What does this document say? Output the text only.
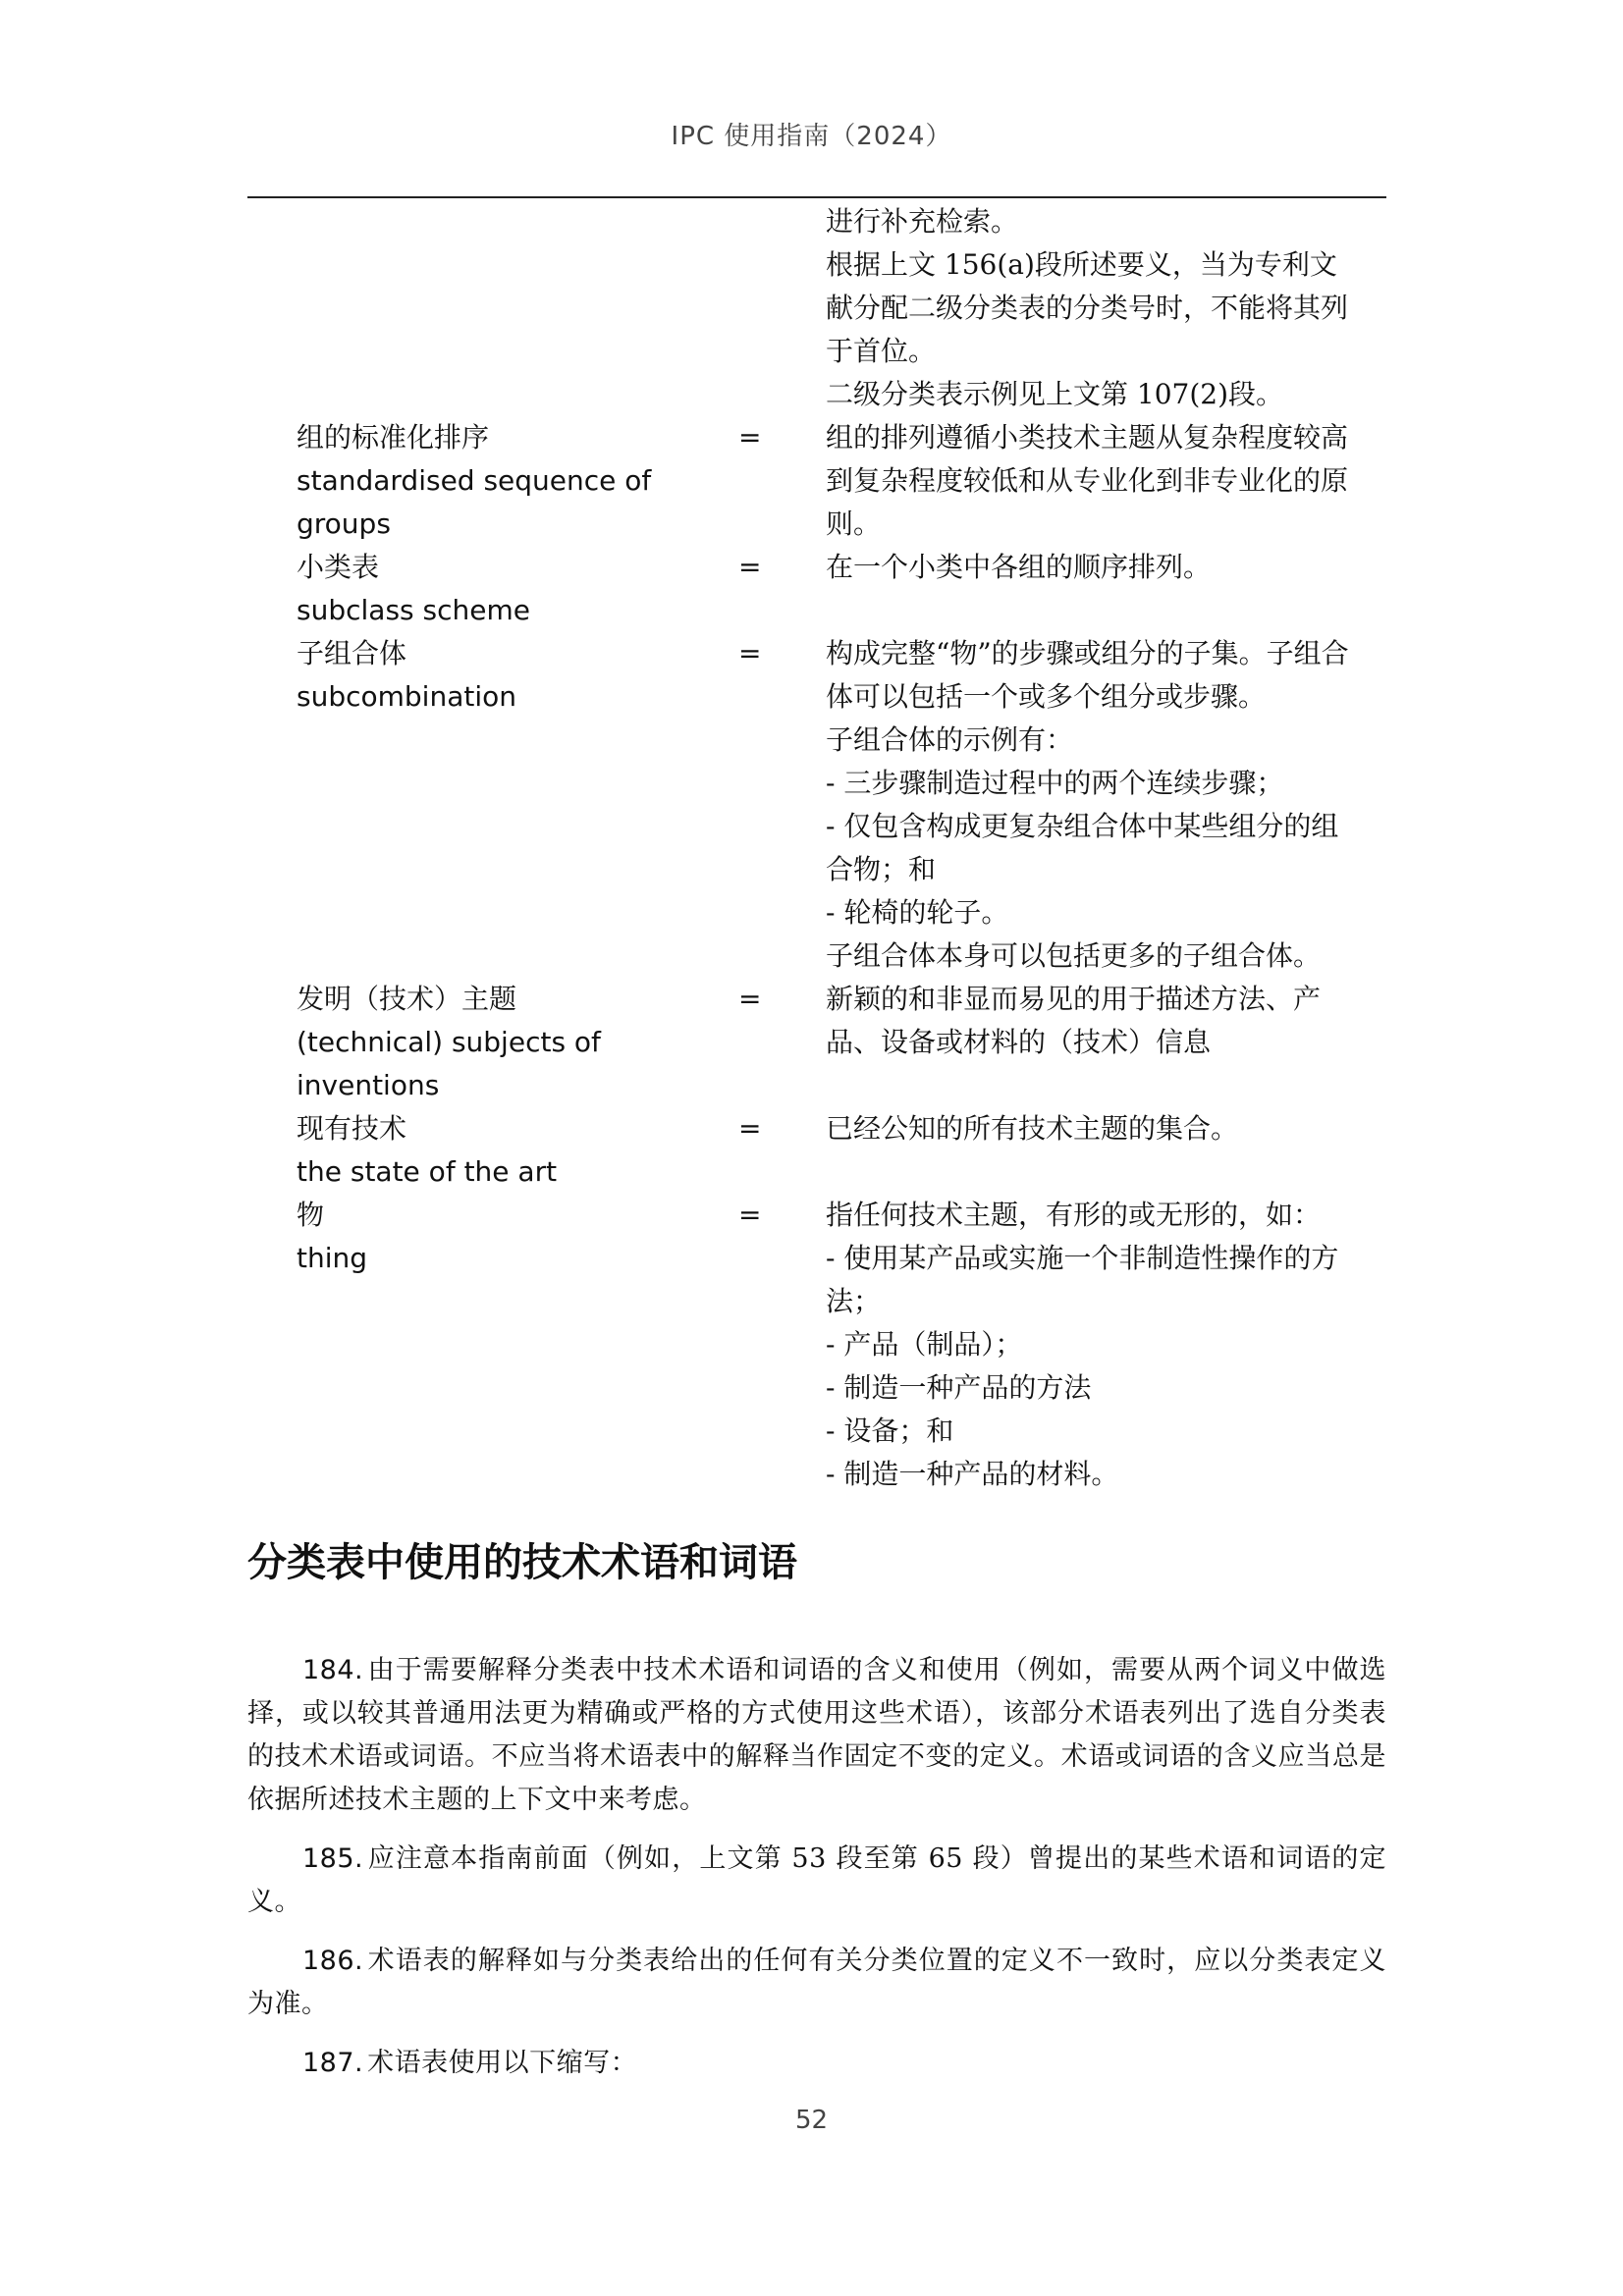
IPC 使用指南（2024）
进行补充检索。
根据上文 156(a)段所述要义，当为专利文献分配二级分类表的分类号时，不能将其列于首位。
二级分类表示例见上文第 107(2)段。
组的标准化排序
standardised sequence of groups
=	组的排列遵循小类技术主题从复杂程度较高到复杂程度较低和从专业化到非专业化的原则。
小类表
subclass scheme
=	在一个小类中各组的顺序排列。
子组合体
subcombination
=	构成完整“物”的步骤或组分的子集。子组合体可以包括一个或多个组分或步骤。
子组合体的示例有：
- 三步骤制造过程中的两个连续步骤；
- 仅包含构成更复杂组合体中某些组分的组合物；和
- 轮椅的轮子。
子组合体本身可以包括更多的子组合体。
发明（技术）主题
(technical) subjects of inventions
=	新颖的和非显而易见的用于描述方法、产品、设备或材料的（技术）信息
现有技术
the state of the art
=	已经公知的所有技术主题的集合。
物
thing
=	指任何技术主题，有形的或无形的，如：
- 使用某产品或实施一个非制造性操作的方法；
- 产品（制品）；
- 制造一种产品的方法
- 设备；和
- 制造一种产品的材料。
分类表中使用的技术术语和词语

184. 由于需要解释分类表中技术术语和词语的含义和使用（例如，需要从两个词义中做选择，或以较其普通用法更为精确或严格的方式使用这些术语），该部分术语表列出了选自分类表的技术术语或词语。不应当将术语表中的解释当作固定不变的定义。术语或词语的含义应当总是依据所述技术主题的上下文中来考虑。

185. 应注意本指南前面（例如，上文第 53 段至第 65 段）曾提出的某些术语和词语的定义。

186. 术语表的解释如与分类表给出的任何有关分类位置的定义不一致时，应以分类表定义为准。

187. 术语表使用以下缩写：

52
